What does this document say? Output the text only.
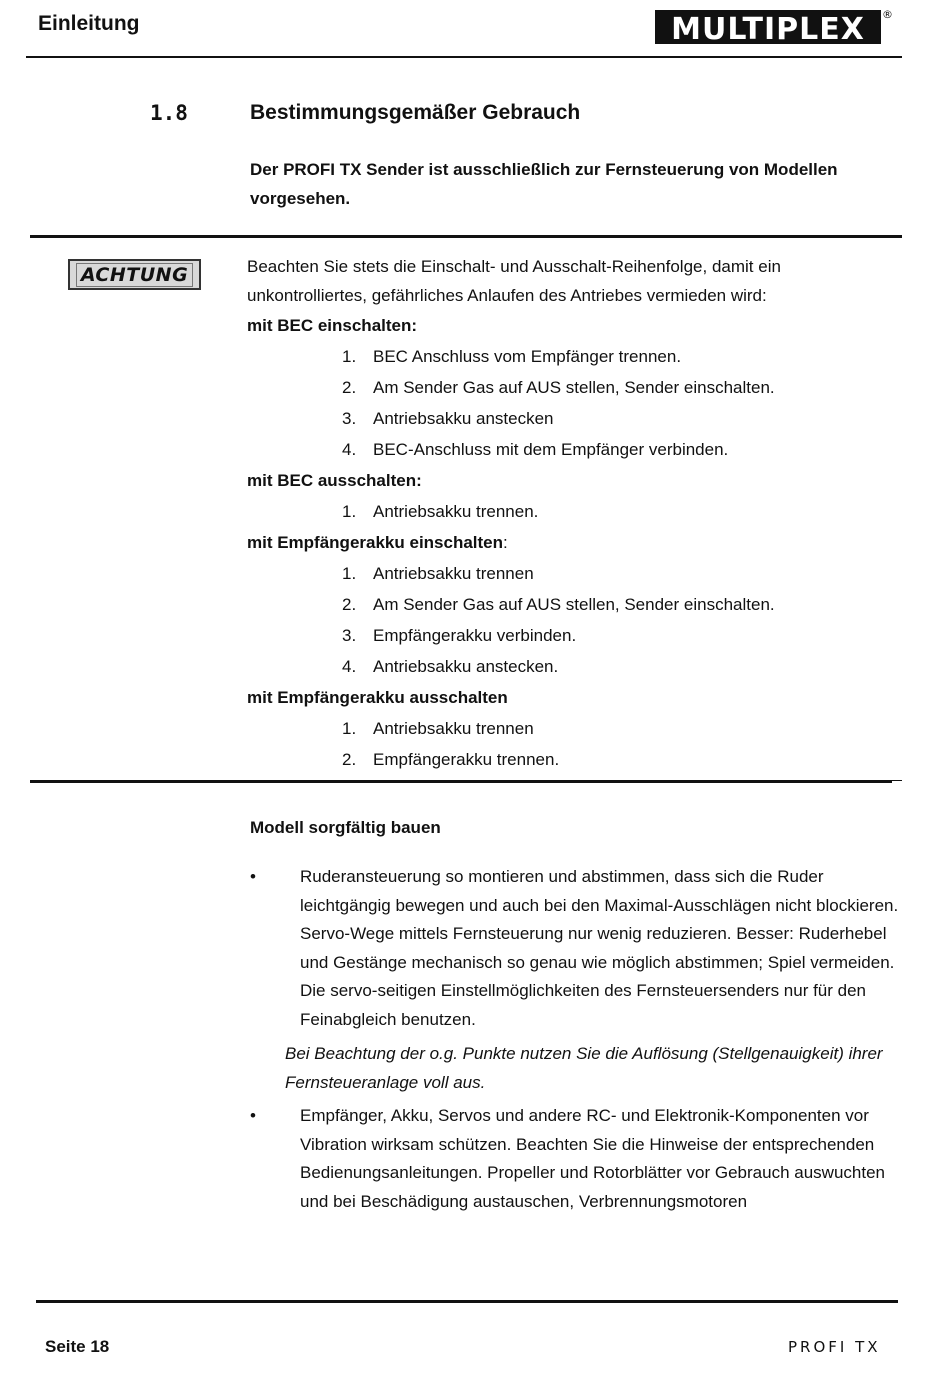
Einleitung	MULTIPLEX ®
1.8	Bestimmungsgemäßer Gebrauch
Der PROFI TX Sender ist ausschließlich zur Fernsteuerung von Modellen vorgesehen.
ACHTUNG	Beachten Sie stets die Einschalt- und Ausschalt-Reihenfolge, damit ein unkontrolliertes, gefährliches Anlaufen des Antriebes vermieden wird:

mit BEC einschalten:
1. BEC Anschluss vom Empfänger trennen.
2. Am Sender Gas auf AUS stellen, Sender einschalten.
3. Antriebsakku anstecken
4. BEC-Anschluss mit dem Empfänger verbinden.
mit BEC ausschalten:
1. Antriebsakku trennen.
mit Empfängerakku einschalten:
1. Antriebsakku trennen
2. Am Sender Gas auf AUS stellen, Sender einschalten.
3. Empfängerakku verbinden.
4. Antriebsakku anstecken.
mit Empfängerakku ausschalten
1. Antriebsakku trennen
2. Empfängerakku trennen.
Modell sorgfältig bauen
•	Ruderansteuerung so montieren und abstimmen, dass sich die Ruder leichtgängig bewegen und auch bei den Maximal-Ausschlägen nicht blockieren. Servo-Wege mittels Fernsteuerung nur wenig reduzieren. Besser: Ruderhebel und Gestänge mechanisch so genau wie möglich abstimmen; Spiel vermeiden. Die servo-seitigen Einstellmöglichkeiten des Fernsteuersenders nur für den Feinabgleich benutzen.
Bei Beachtung der o.g. Punkte nutzen Sie die Auflösung (Stellgenauigkeit) ihrer Fernsteueranlage voll aus.
•	Empfänger, Akku, Servos und andere RC- und Elektronik-Komponenten vor Vibration wirksam schützen. Beachten Sie die Hinweise der entsprechenden Bedienungsanleitungen. Propeller und Rotorblätter vor Gebrauch auswuchten und bei Beschädigung austauschen, Verbrennungsmotoren
Seite 18	PROFI TX
